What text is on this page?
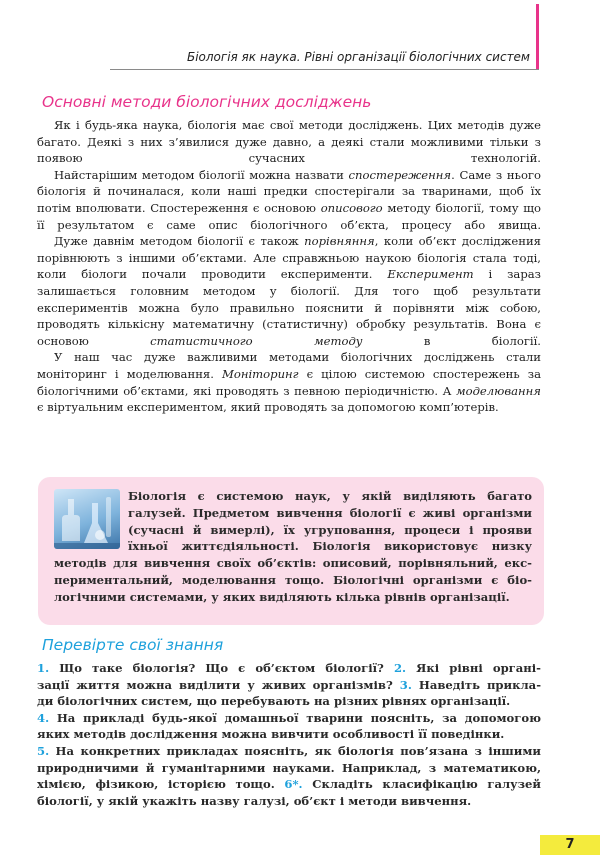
Біологія як наука. Рівні організації біологічних систем
Основні методи біологічних досліджень

Як і будь-яка наука, біологія має свої методи досліджень. Цих методів дуже багато. Деякі з них з’явилися дуже давно, а деякі стали можливими тільки з появою сучасних технологій.

Найстарішим методом біології можна назвати спостереження. Саме з нього біологія й починалася, коли наші предки спостерігали за тваринами, щоб їх потім вполювати. Спостереження є основою описового методу біології, тому що її результатом є саме опис біологічного об’єкта, процесу або явища.

Дуже давнім методом біології є також порівняння, коли об’єкт досліджения порівнюють з іншими об’єктами. Але справжньою наукою біологія стала тоді, коли біологи почали проводити експерименти. Експеримент і зараз залишається головним методом у біології. Для того щоб результати експериментів можна було правильно пояснити й порівняти між собою, проводять кількісну математичну (статистичну) обробку результатів. Вона є основою статистичного методу в біології.

У наш час дуже важливими методами біологічних досліджень стали моніторинг і моделювання. Моніторинг є цілою системою спостережень за біологічними об’єктами, які проводять з певною періодичністю. А моделювання є віртуальним експериментом, який проводять за допомогою комп’ютерів.

Біологія є системою наук, у якій виділяють багато
галузей. Предметом вивчення біології є живі організми
(сучасні й вимерлі), їх угруповання, процеси і прояви
їхньої життєдіяльності. Біологія використовує низку
методів для вивчення своїх об’єктів: описовий, порівняльний, екс-
периментальний, моделювання тощо. Біологічні організми є біо-
логічними системами, у яких виділяють кілька рівнів організації.
Перевірте свої знання
1. Що таке біологія? Що є об’єктом біології? 2. Які рівні органі-
зації життя можна виділити у живих організмів? 3. Наведіть прикла-
ди біологічних систем, що перебувають на різних рівнях організації.
4. На прикладі будь-якої домашньої тварини поясніть, за допомогою
яких методів дослідження можна вивчити особливості її поведінки.
5. На конкретних прикладах поясніть, як біологія пов’язана з іншими
природничими й гуманітарними науками. Наприклад, з математикою,
хімією, фізикою, історією тощо. 6*. Складіть класифікацію галузей
біології, у якій укажіть назву галузі, об’єкт і методи вивчення.
7
